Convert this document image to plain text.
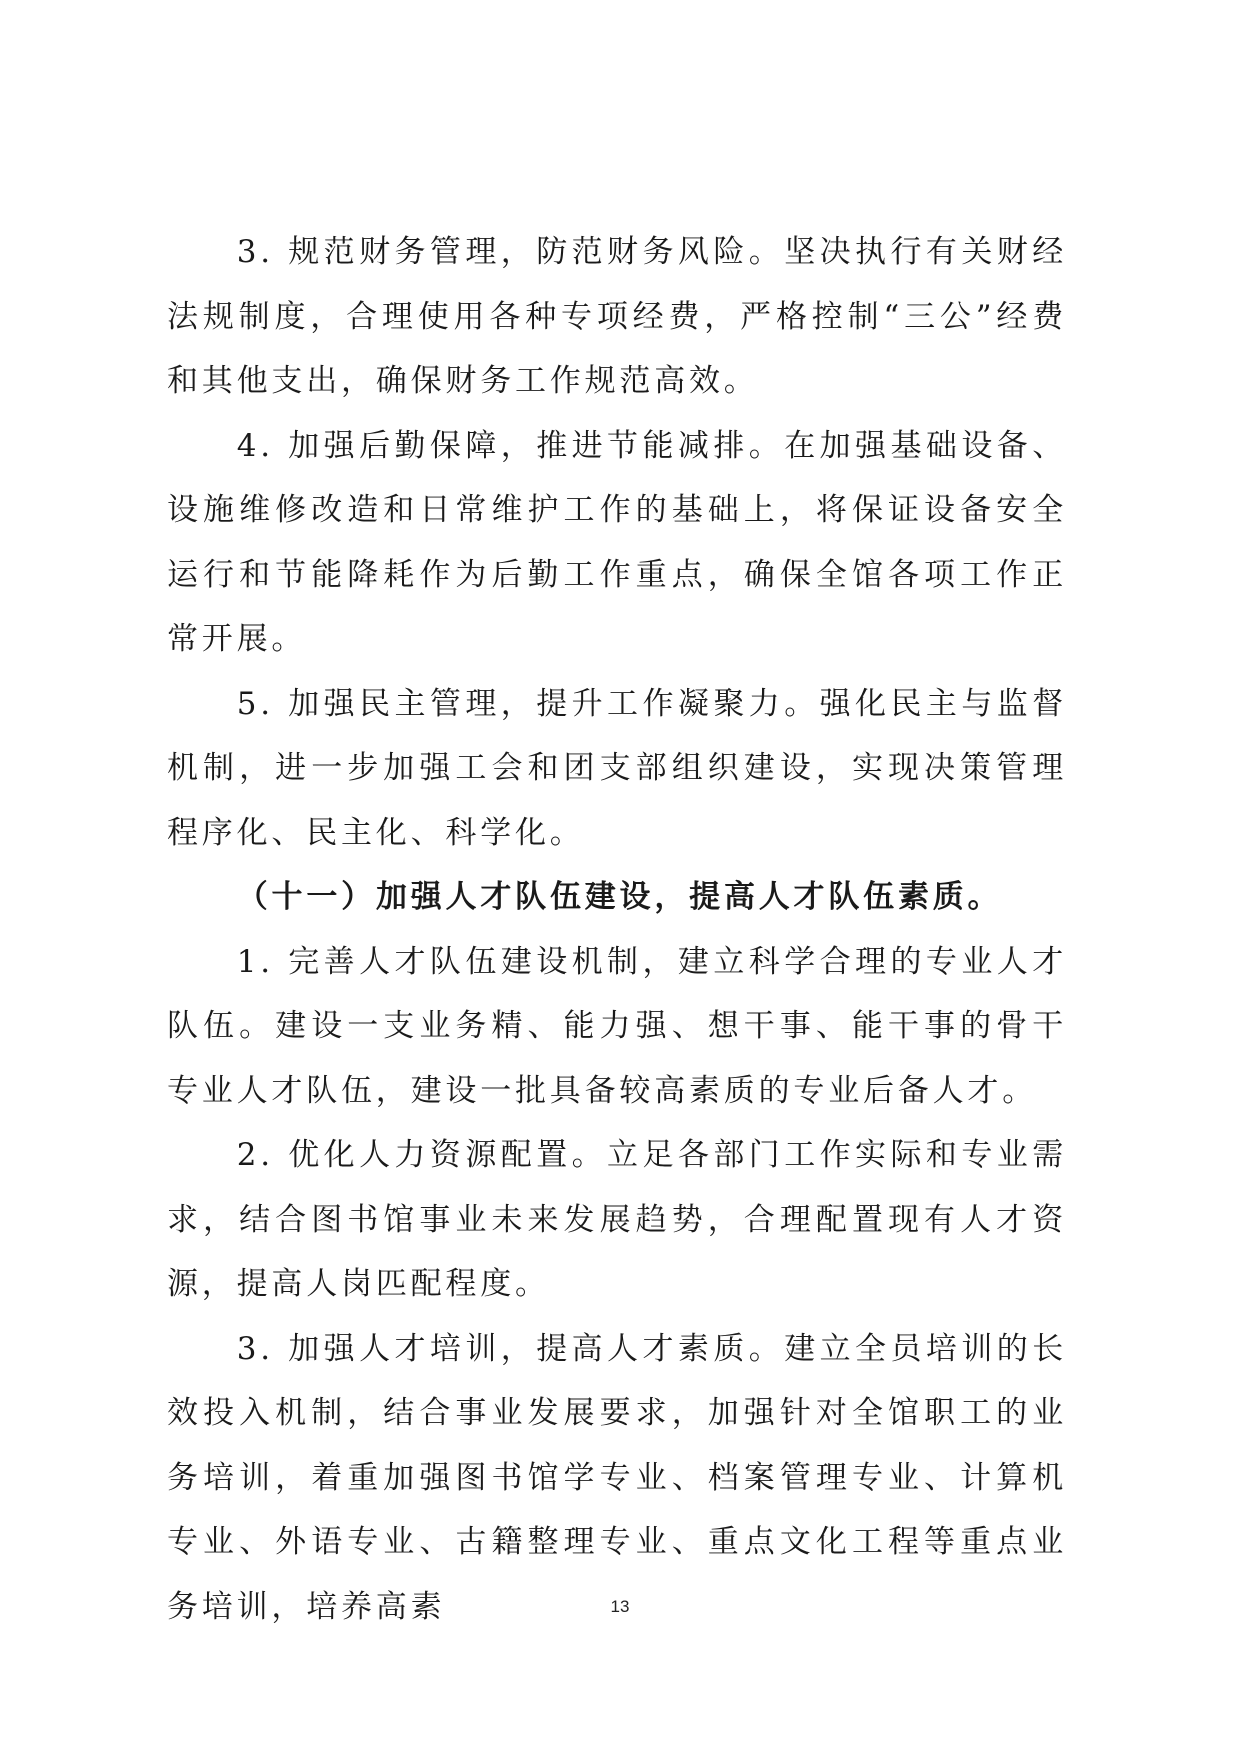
3. 规范财务管理，防范财务风险。坚决执行有关财经法规制度，合理使用各种专项经费，严格控制“三公”经费和其他支出，确保财务工作规范高效。

4. 加强后勤保障，推进节能减排。在加强基础设备、设施维修改造和日常维护工作的基础上，将保证设备安全运行和节能降耗作为后勤工作重点，确保全馆各项工作正常开展。

5. 加强民主管理，提升工作凝聚力。强化民主与监督机制，进一步加强工会和团支部组织建设，实现决策管理程序化、民主化、科学化。

（十一）加强人才队伍建设，提高人才队伍素质。

1. 完善人才队伍建设机制，建立科学合理的专业人才队伍。建设一支业务精、能力强、想干事、能干事的骨干专业人才队伍，建设一批具备较高素质的专业后备人才。

2. 优化人力资源配置。立足各部门工作实际和专业需求，结合图书馆事业未来发展趋势，合理配置现有人才资源，提高人岗匹配程度。

3. 加强人才培训，提高人才素质。建立全员培训的长效投入机制，结合事业发展要求，加强针对全馆职工的业务培训，着重加强图书馆学专业、档案管理专业、计算机专业、外语专业、古籍整理专业、重点文化工程等重点业务培训，培养高素	13
